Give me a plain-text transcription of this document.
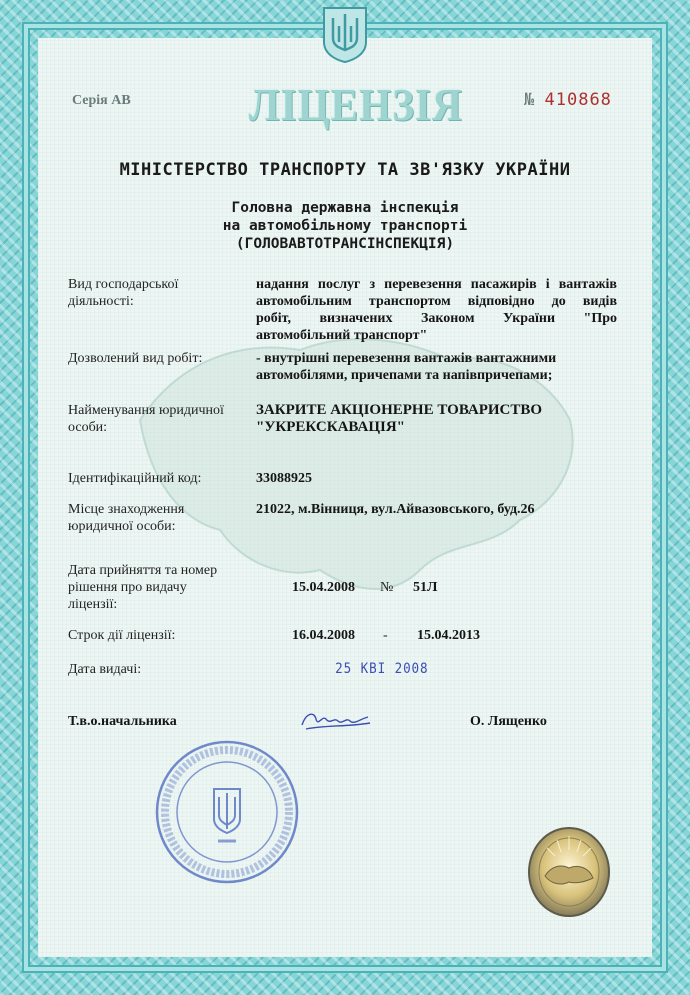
Серія АВ	ЛІЦЕНЗІЯ	№ 410868
МІНІСТЕРСТВО ТРАНСПОРТУ ТА ЗВ'ЯЗКУ УКРАЇНИ
Головна державна інспекція
на автомобільному транспорті
(ГОЛОВАВТОТРАНСІНСПЕКЦІЯ)
Вид господарської
діяльності:
надання послуг з перевезення пасажирів і вантажів
автомобільним транспортом відповідно до видів
робіт, визначених Законом України "Про
автомобільний транспорт"
Дозволений вид робіт:	- внутрішні перевезення вантажів вантажними
автомобілями, причепами та напівпричепами;
Найменування юридичної
особи:
ЗАКРИТЕ АКЦІОНЕРНЕ ТОВАРИСТВО
"УКРЕКСКАВАЦІЯ"
Ідентифікаційний код:	33088925
Місце знаходження
юридичної особи:
21022, м.Вінниця, вул.Айвазовського, буд.26
Дата прийняття та номер
рішення про видачу
ліцензії:
15.04.2008 № 51Л
Строк дії ліцензії:	16.04.2008 - 15.04.2013
Дата видачі:	25 КВІ 2008
Т.в.о.начальника	О. Лященко
